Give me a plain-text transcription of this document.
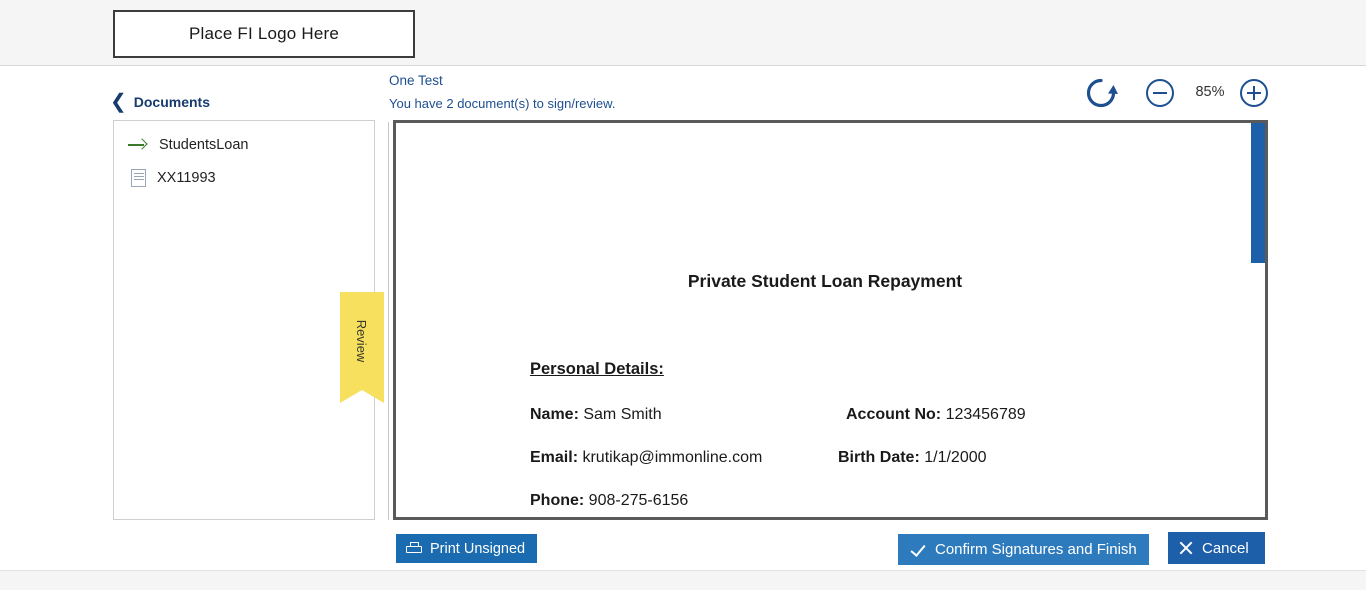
Place FI Logo Here
❮ Documents
One Test
You have 2 document(s) to sign/review.
85%
StudentsLoan
XX11993
Review
Private Student Loan Repayment
Personal Details:
Name: Sam Smith	Account No: 123456789
Email: krutikap@immonline.com	Birth Date: 1/1/2000
Phone: 908-275-6156
Print Unsigned	Confirm Signatures and Finish	Cancel
